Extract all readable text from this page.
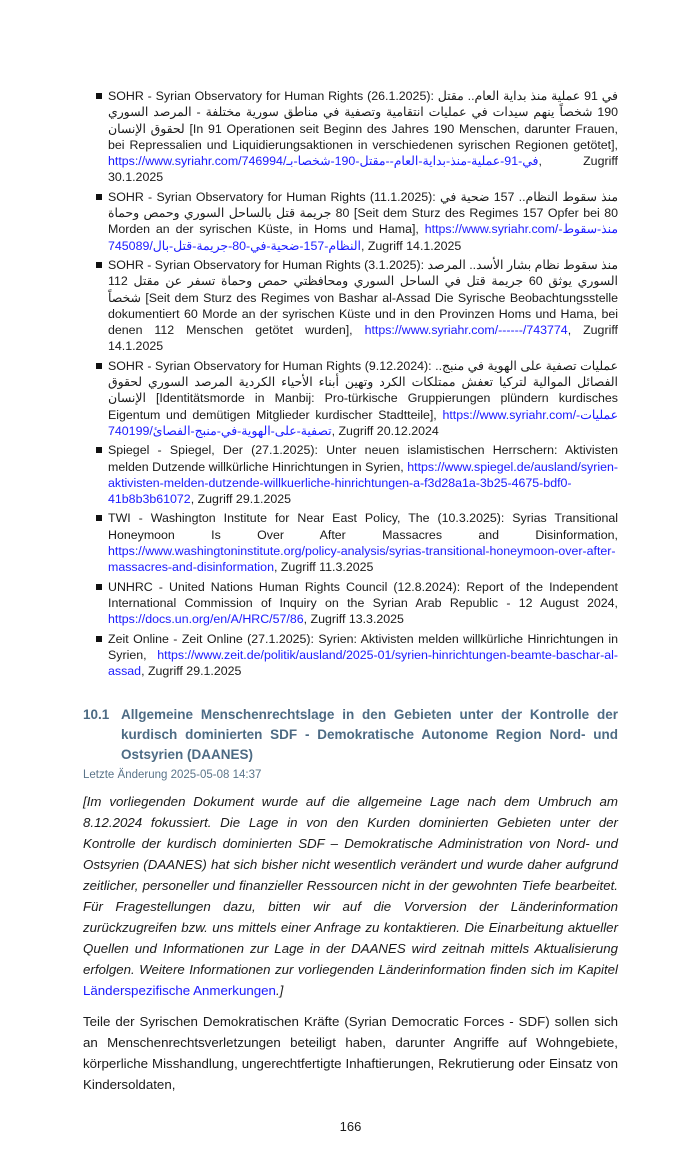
SOHR - Syrian Observatory for Human Rights (26.1.2025): في 91 عملية منذ بداية العام.. مقتل 190 شخصاً ينهم سيدات في عمليات انتقامية وتصفية في مناطق سورية مختلفة - المرصد السوري لحقوق الإنسان [In 91 Operationen seit Beginn des Jahres 190 Menschen, darunter Frauen, bei Repressalien und Liquidierungsaktionen in verschiedenen syrischen Regionen getötet], https://www.syriahr.com/في-91-عملية-منذ-بداية-العام--مقتل-190-شخصا-بـ/746994, Zugriff 30.1.2025
SOHR - Syrian Observatory for Human Rights (11.1.2025): منذ سقوط النظام.. 157 ضحية في 80 جريمة قتل بالساحل السوري وحمص وحماة [Seit dem Sturz des Regimes 157 Opfer bei 80 Morden an der syrischen Küste, in Homs und Hama], https://www.syriahr.com/منذ-سقوط-النظام-157-ضحية-في-80-جريمة-قتل-بال/745089, Zugriff 14.1.2025
SOHR - Syrian Observatory for Human Rights (3.1.2025): منذ سقوط نظام بشار الأسد.. المرصد السوري يوثق 60 جريمة قتل في الساحل السوري ومحافظتي حمص وحماة تسفر عن مقتل 112 شخصاً [Seit dem Sturz des Regimes von Bashar al-Assad Die Syrische Beobachtungsstelle dokumentiert 60 Morde an der syrischen Küste und in den Provinzen Homs und Hama, bei denen 112 Menschen getötet wurden], https://www.syriahr.com/------/743774, Zugriff 14.1.2025
SOHR - Syrian Observatory for Human Rights (9.12.2024): عمليات تصفية على الهوية في منبج.. الفصائل الموالية لتركيا تعفش ممتلكات الكرد وتهين أبناء الأحياء الكردية المرصد السوري لحقوق الإنسان [Identitätsmorde in Manbij: Pro-türkische Gruppierungen plündern kurdisches Eigentum und demütigen Mitglieder kurdischer Stadtteile], https://www.syriahr.com/عمليات-تصفية-على-الهوية-في-منبج-الفصائ/740199, Zugriff 20.12.2024
Spiegel - Spiegel, Der (27.1.2025): Unter neuen islamistischen Herrschern: Aktivisten melden Dutzende willkürliche Hinrichtungen in Syrien, https://www.spiegel.de/ausland/syrien-aktivisten-melden-dutzende-willkuerliche-hinrichtungen-a-f3d28a1a-3b25-4675-bdf0-41b8b3b61072, Zugriff 29.1.2025
TWI - Washington Institute for Near East Policy, The (10.3.2025): Syrias Transitional Honeymoon Is Over After Massacres and Disinformation, https://www.washingtoninstitute.org/policy-analysis/syrias-transitional-honeymoon-over-after-massacres-and-disinformation, Zugriff 11.3.2025
UNHRC - United Nations Human Rights Council (12.8.2024): Report of the Independent International Commission of Inquiry on the Syrian Arab Republic - 12 August 2024, https://docs.un.org/en/A/HRC/57/86, Zugriff 13.3.2025
Zeit Online - Zeit Online (27.1.2025): Syrien: Aktivisten melden willkürliche Hinrichtungen in Syrien, https://www.zeit.de/politik/ausland/2025-01/syrien-hinrichtungen-beamte-baschar-al-assad, Zugriff 29.1.2025
10.1 Allgemeine Menschenrechtslage in den Gebieten unter der Kontrolle der kurdisch dominierten SDF - Demokratische Autonome Region Nord- und Ostsyrien (DAANES)
Letzte Änderung 2025-05-08 14:37
[Im vorliegenden Dokument wurde auf die allgemeine Lage nach dem Umbruch am 8.12.2024 fokussiert. Die Lage in von den Kurden dominierten Gebieten unter der Kontrolle der kurdisch dominierten SDF – Demokratische Administration von Nord- und Ostsyrien (DAANES) hat sich bisher nicht wesentlich verändert und wurde daher aufgrund zeitlicher, personeller und finanzieller Ressourcen nicht in der gewohnten Tiefe bearbeitet. Für Fragestellungen dazu, bitten wir auf die Vorversion der Länderinformation zurückzugreifen bzw. uns mittels einer Anfrage zu kontaktieren. Die Einarbeitung aktueller Quellen und Informationen zur Lage in der DAANES wird zeitnah mittels Aktualisierung erfolgen. Weitere Informationen zur vorliegenden Länderinformation finden sich im Kapitel Länderspezifische Anmerkungen.]
Teile der Syrischen Demokratischen Kräfte (Syrian Democratic Forces - SDF) sollen sich an Menschenrechtsverletzungen beteiligt haben, darunter Angriffe auf Wohngebiete, körperliche Misshandlung, ungerechtfertigte Inhaftierungen, Rekrutierung oder Einsatz von Kindersoldaten,
166
